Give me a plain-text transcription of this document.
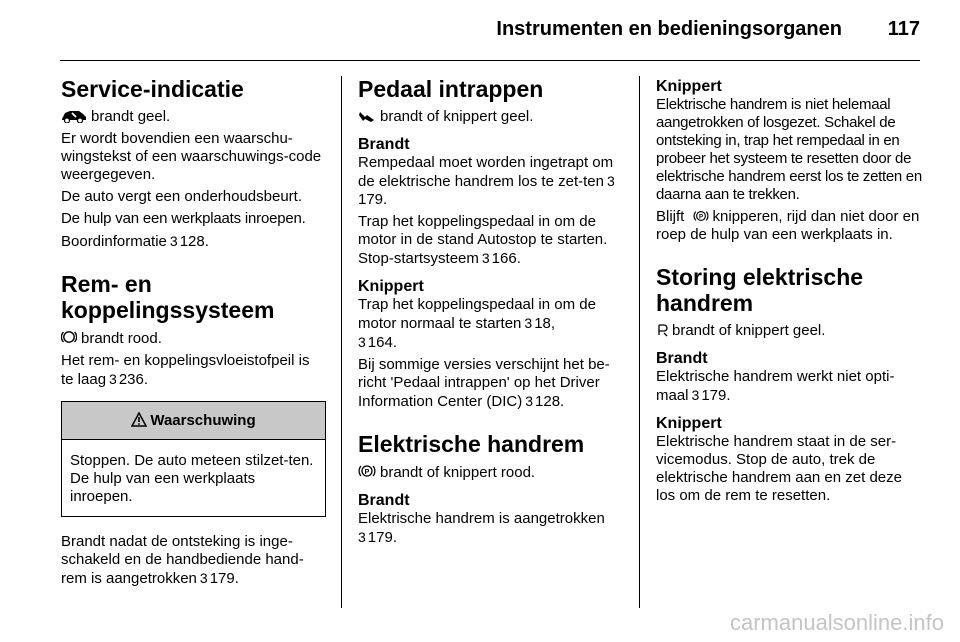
Instrumenten en bedieningsorganen 117
Service-indicatie

brandt geel.

Er wordt bovendien een waarschu-wingstekst of een waarschuwings-code weergegeven.

De auto vergt een onderhoudsbeurt.

De hulp van een werkplaats inroepen.

Boordinformatie 3 128.

Rem- en koppelingssysteem

brandt rood.

Het rem- en koppelingsvloeistofpeil is te laag 3 236.

Waarschuwing
Stoppen. De auto meteen stilzet-ten. De hulp van een werkplaats inroepen.

Brandt nadat de ontsteking is inge-schakeld en de handbediende hand-rem is aangetrokken 3 179.

Pedaal intrappen

brandt of knippert geel.

Brandt

Rempedaal moet worden ingetrapt om de elektrische handrem los te zet-ten 3179.

Trap het koppelingspedaal in om de motor in de stand Autostop te starten. Stop-startsysteem 3 166.

Knippert

Trap het koppelingspedaal in om de motor normaal te starten 3 18,
3 164.

Bij sommige versies verschijnt het be-richt 'Pedaal intrappen' op het Driver Information Center (DIC) 3 128.

Elektrische handrem

P brandt of knippert rood.

Brandt

Elektrische handrem is aangetrokken
3 179.

Knippert

Elektrische handrem is niet helemaal aangetrokken of losgezet. Schakel de ontsteking in, trap het rempedaal in en probeer het systeem te resetten door de elektrische handrem eerst los te zetten en daarna aan te trekken.

Blijft P knipperen, rijd dan niet door en roep de hulp van een werkplaats in.

Storing elektrische handrem

brandt of knippert geel.

Brandt

Elektrische handrem werkt niet opti-maal 3 179.

Knippert

Elektrische handrem staat in de ser-vicemodus. Stop de auto, trek de elektrische handrem aan en zet deze los om de rem te resetten.

carmanualsonline.info
